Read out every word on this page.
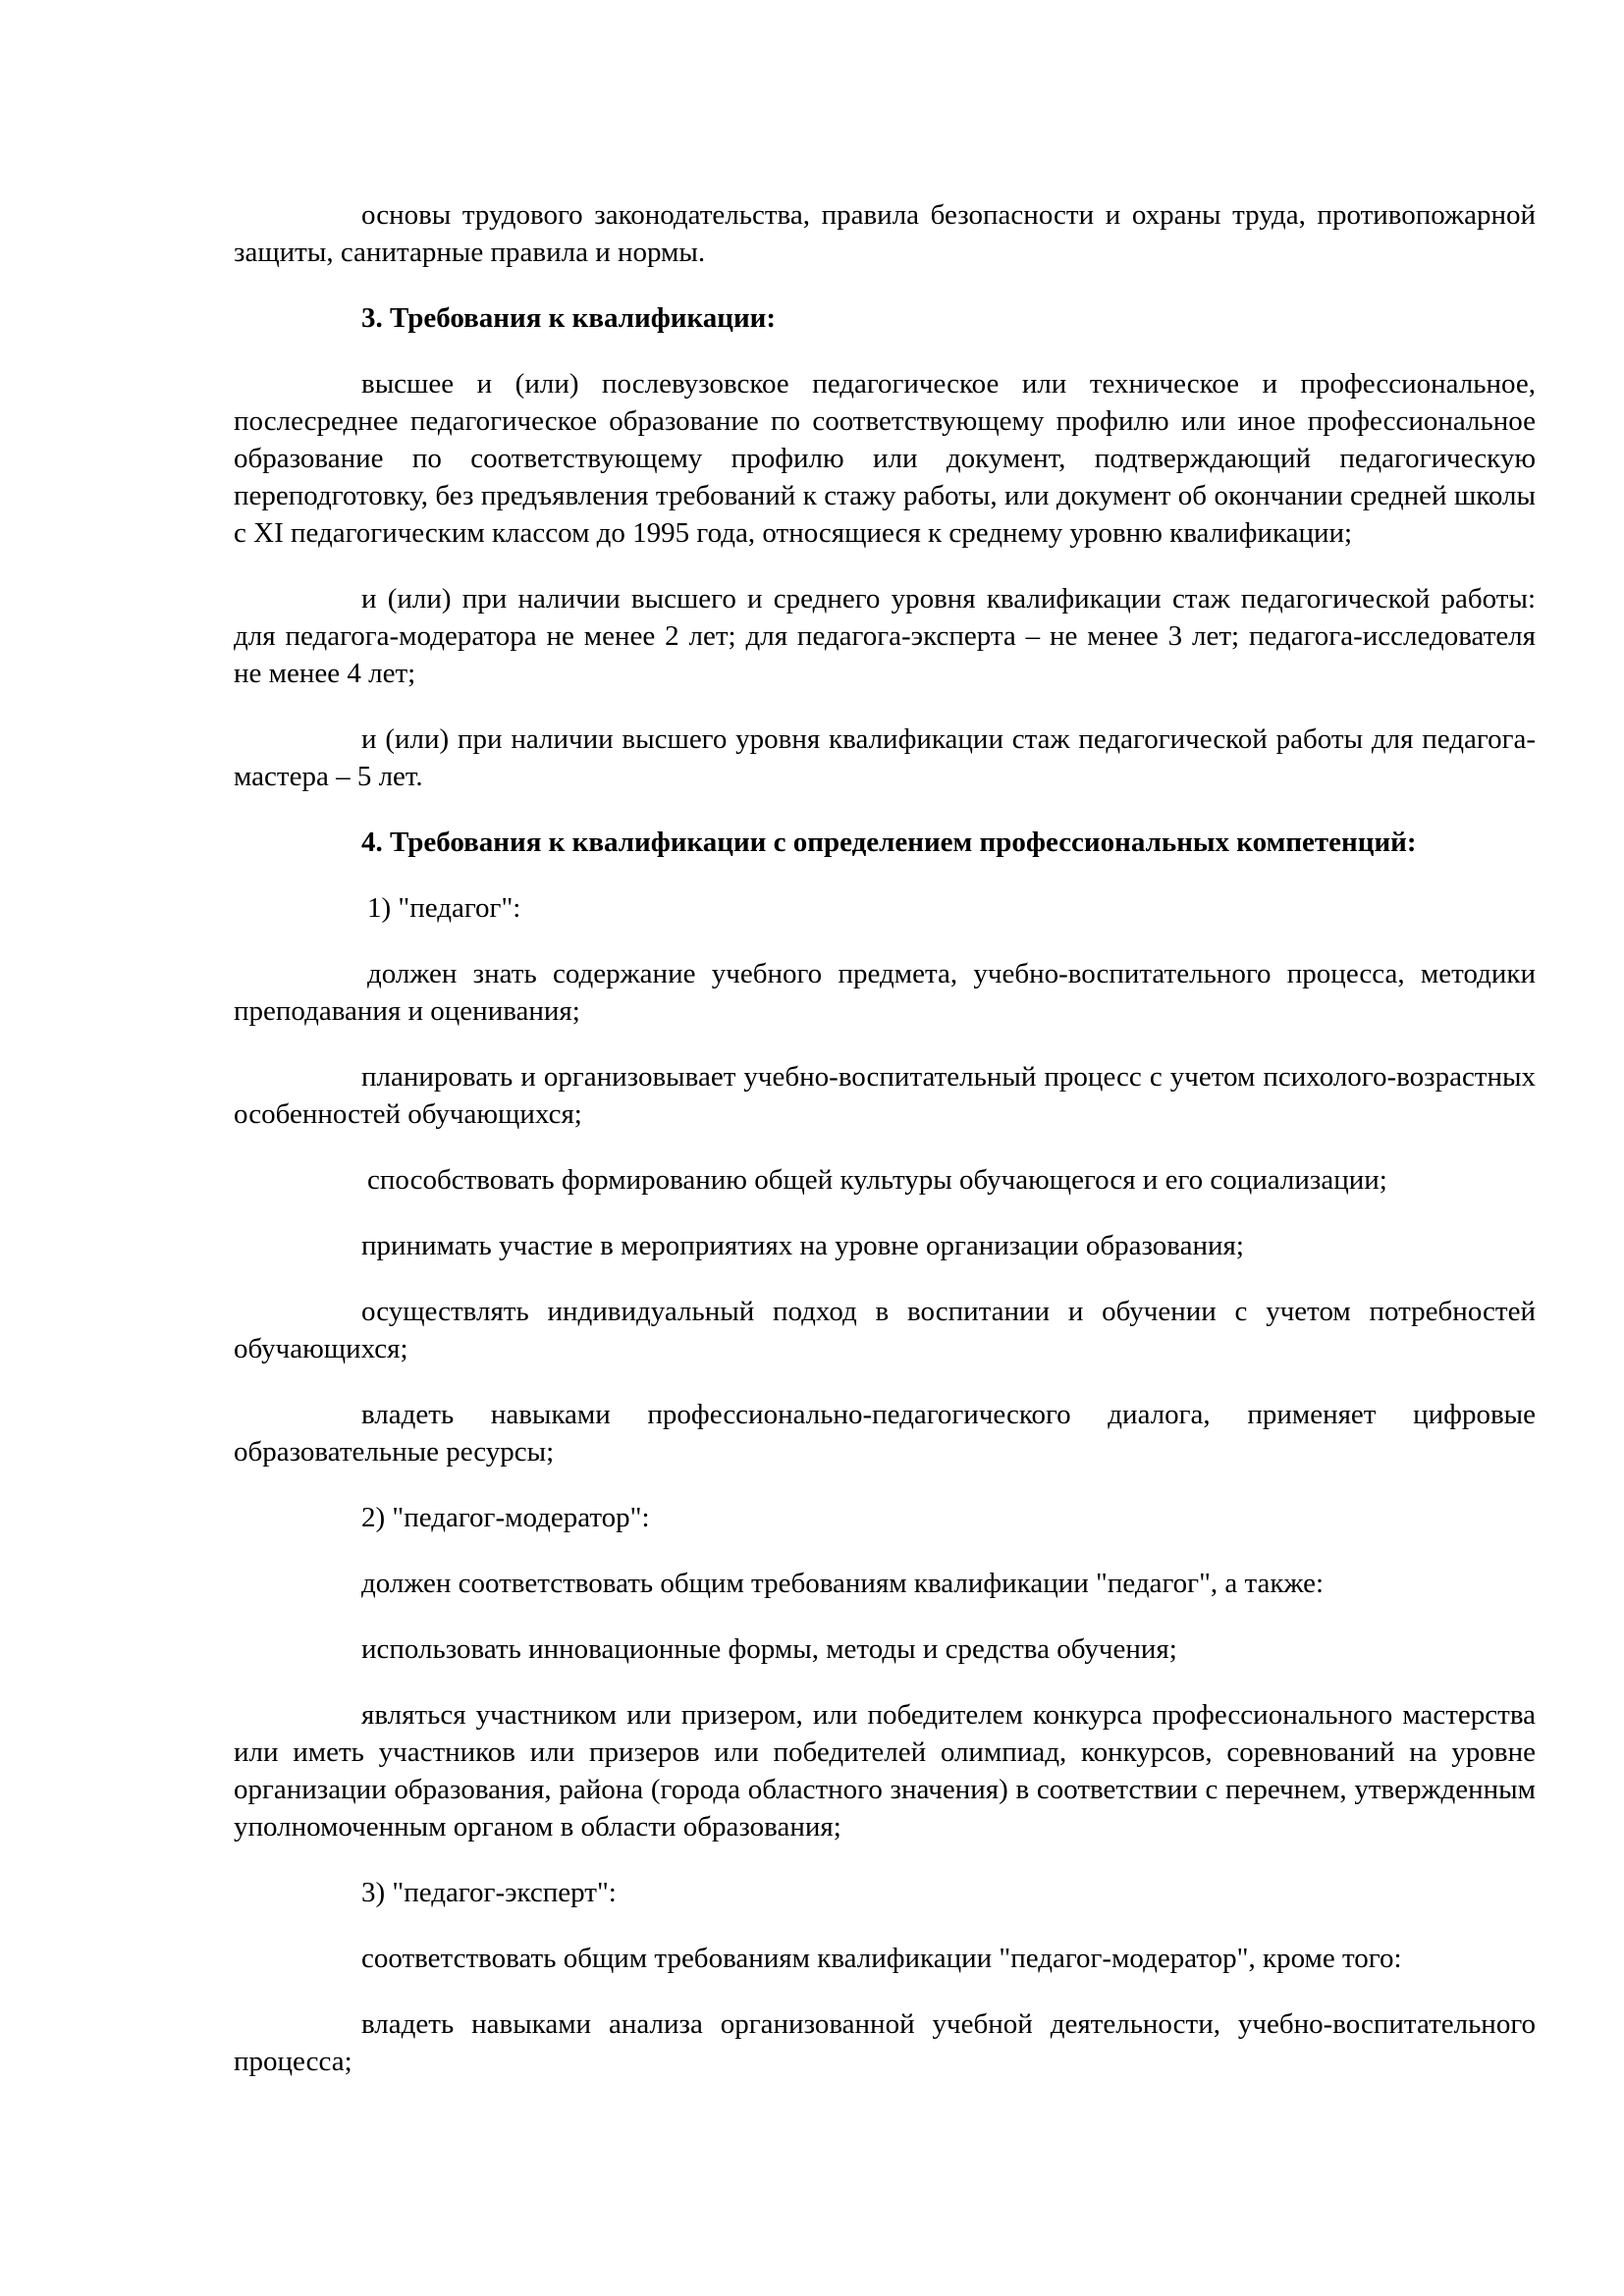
основы трудового законодательства, правила безопасности и охраны труда, противопожарной защиты, санитарные правила и нормы.

3. Требования к квалификации:

высшее и (или) послевузовское педагогическое или техническое и профессиональное, послесреднее педагогическое образование по соответствующему профилю или иное профессиональное образование по соответствующему профилю или документ, подтверждающий педагогическую переподготовку, без предъявления требований к стажу работы, или документ об окончании средней школы с XI педагогическим классом до 1995 года, относящиеся к среднему уровню квалификации;

и (или) при наличии высшего и среднего уровня квалификации стаж педагогической работы: для педагога-модератора не менее 2 лет; для педагога-эксперта – не менее 3 лет; педагога-исследователя не менее 4 лет;

и (или) при наличии высшего уровня квалификации стаж педагогической работы для педагога-мастера – 5 лет.

4. Требования к квалификации с определением профессиональных компетенций:

1) "педагог":

должен знать содержание учебного предмета, учебно-воспитательного процесса, методики преподавания и оценивания;

планировать и организовывает учебно-воспитательный процесс с учетом психолого-возрастных особенностей обучающихся;

способствовать формированию общей культуры обучающегося и его социализации;

принимать участие в мероприятиях на уровне организации образования;

осуществлять индивидуальный подход в воспитании и обучении с учетом потребностей обучающихся;

владеть навыками профессионально-педагогического диалога, применяет цифровые образовательные ресурсы;

2) "педагог-модератор":

должен соответствовать общим требованиям квалификации "педагог", а также:

использовать инновационные формы, методы и средства обучения;

являться участником или призером, или победителем конкурса профессионального мастерства или иметь участников или призеров или победителей олимпиад, конкурсов, соревнований на уровне организации образования, района (города областного значения) в соответствии с перечнем, утвержденным уполномоченным органом в области образования;

3) "педагог-эксперт":

соответствовать общим требованиям квалификации "педагог-модератор", кроме того:

владеть навыками анализа организованной учебной деятельности, учебно-воспитательного процесса;
